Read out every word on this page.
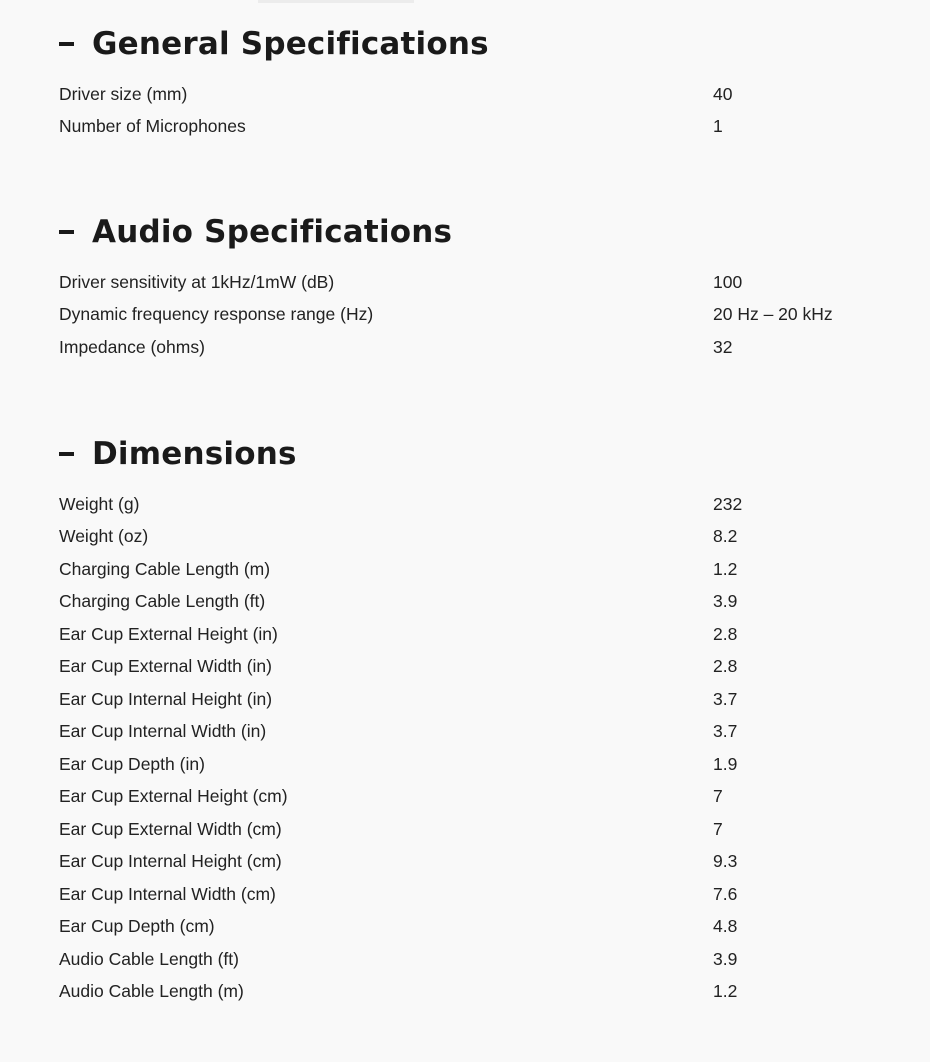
General Specifications
Driver size (mm)	40
Number of Microphones	1
Audio Specifications
Driver sensitivity at 1kHz/1mW (dB)	100
Dynamic frequency response range (Hz)	20 Hz – 20 kHz
Impedance (ohms)	32
Dimensions
Weight (g)	232
Weight (oz)	8.2
Charging Cable Length (m)	1.2
Charging Cable Length (ft)	3.9
Ear Cup External Height (in)	2.8
Ear Cup External Width (in)	2.8
Ear Cup Internal Height (in)	3.7
Ear Cup Internal Width (in)	3.7
Ear Cup Depth (in)	1.9
Ear Cup External Height (cm)	7
Ear Cup External Width (cm)	7
Ear Cup Internal Height (cm)	9.3
Ear Cup Internal Width (cm)	7.6
Ear Cup Depth (cm)	4.8
Audio Cable Length (ft)	3.9
Audio Cable Length (m)	1.2
